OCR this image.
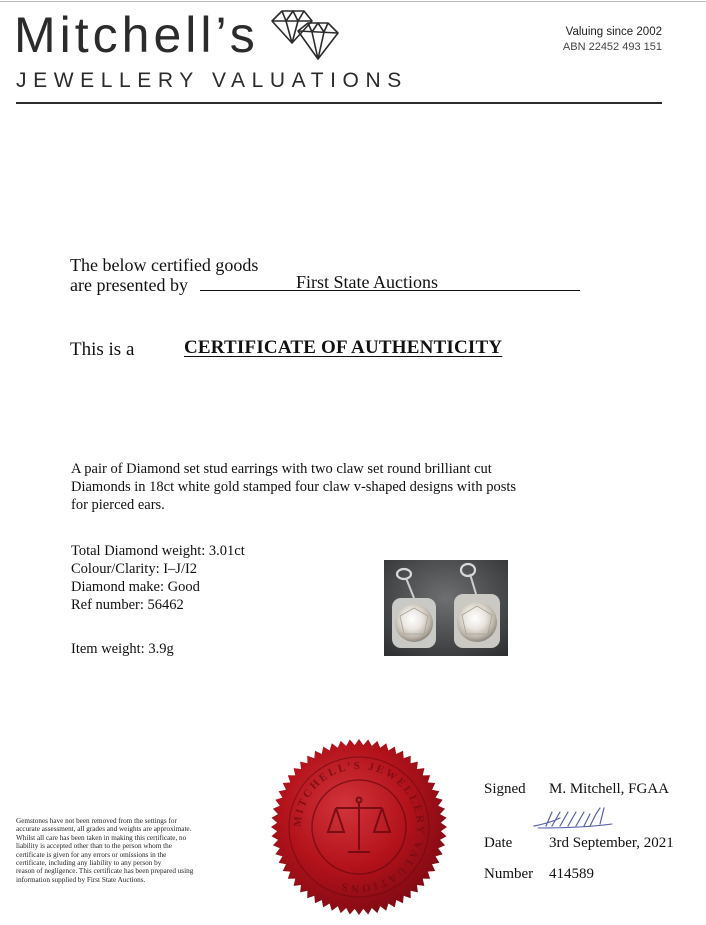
Mitchell’s
JEWELLERY VALUATIONS
Valuing since 2002
ABN 22452 493 151
The below certified goods
are presented by	First State Auctions
This is a	CERTIFICATE OF AUTHENTICITY
A pair of Diamond set stud earrings with two claw set round brilliant cut
Diamonds in 18ct white gold stamped four claw v-shaped designs with posts
for pierced ears.
Total Diamond weight: 3.01ct
Colour/Clarity: I–J/I2
Diamond make: Good
Ref number: 56462
Item weight: 3.9g
Gemstones have not been removed from the settings for
accurate assessment, all grades and weights are approximate.
Whilst all care has been taken in making this certificate, no
liability is accepted other than to the person whom the
certificate is given for any errors or omissions in the
certificate, including any liability to any person by
reason of negligence. This certificate has been prepared using
information supplied by First State Auctions.
MITCHELL’S JEWELLERY VALUATIONS
Signed M. Mitchell, FGAA
Date 3rd September, 2021
Number 414589
